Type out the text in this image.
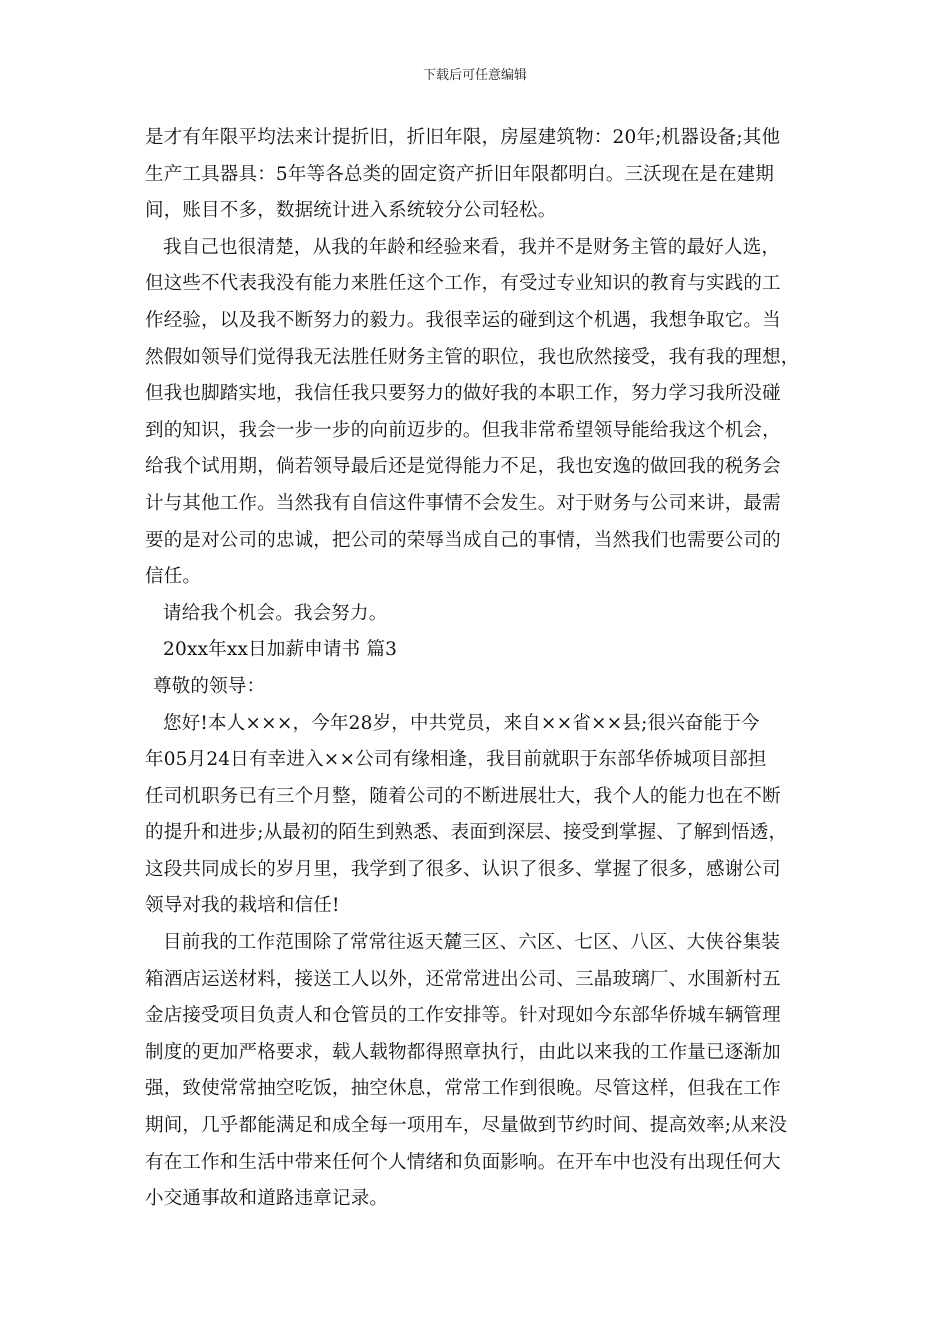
下载后可任意编辑
是才有年限平均法来计提折旧，折旧年限，房屋建筑物：20年;机器设备;其他
生产工具器具：5年等各总类的固定资产折旧年限都明白。三沃现在是在建期
间，账目不多，数据统计进入系统较分公司轻松。
我自己也很清楚，从我的年龄和经验来看，我并不是财务主管的最好人选，
但这些不代表我没有能力来胜任这个工作，有受过专业知识的教育与实践的工
作经验，以及我不断努力的毅力。我很幸运的碰到这个机遇，我想争取它。当
然假如领导们觉得我无法胜任财务主管的职位，我也欣然接受，我有我的理想，
但我也脚踏实地，我信任我只要努力的做好我的本职工作，努力学习我所没碰
到的知识，我会一步一步的向前迈步的。但我非常希望领导能给我这个机会，
给我个试用期，倘若领导最后还是觉得能力不足，我也安逸的做回我的税务会
计与其他工作。当然我有自信这件事情不会发生。对于财务与公司来讲，最需
要的是对公司的忠诚，把公司的荣辱当成自己的事情，当然我们也需要公司的
信任。
请给我个机会。我会努力。
20xx年xx日加薪申请书 篇3
尊敬的领导：
您好!本人×××，今年28岁，中共党员，来自××省××县;很兴奋能于今
年05月24日有幸进入××公司有缘相逢，我目前就职于东部华侨城项目部担
任司机职务已有三个月整，随着公司的不断进展壮大，我个人的能力也在不断
的提升和进步;从最初的陌生到熟悉、表面到深层、接受到掌握、了解到悟透，
这段共同成长的岁月里，我学到了很多、认识了很多、掌握了很多，感谢公司
领导对我的栽培和信任!
目前我的工作范围除了常常往返天麓三区、六区、七区、八区、大侠谷集装
箱酒店运送材料，接送工人以外，还常常进出公司、三晶玻璃厂、水围新村五
金店接受项目负责人和仓管员的工作安排等。针对现如今东部华侨城车辆管理
制度的更加严格要求，载人载物都得照章执行，由此以来我的工作量已逐渐加
强，致使常常抽空吃饭，抽空休息，常常工作到很晚。尽管这样，但我在工作
期间，几乎都能满足和成全每一项用车，尽量做到节约时间、提高效率;从来没
有在工作和生活中带来任何个人情绪和负面影响。在开车中也没有出现任何大
小交通事故和道路违章记录。
